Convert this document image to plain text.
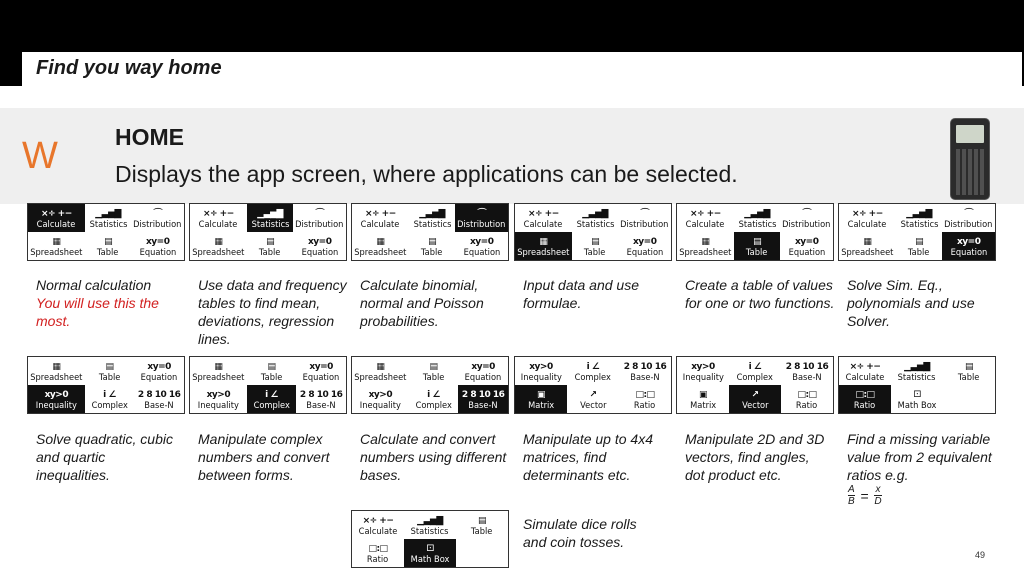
Find you way home	CASIO	®
W HOME
Displays the app screen, where applications can be selected.
×÷ +−
Calculate
▁▃▅▇
Statistics
⌒
Distribution
▦
Spreadsheet
▤
Table
xy=0
Equation
×÷ +−
Calculate
▁▃▅▇
Statistics
⌒
Distribution
▦
Spreadsheet
▤
Table
xy=0
Equation
×÷ +−
Calculate
▁▃▅▇
Statistics
⌒
Distribution
▦
Spreadsheet
▤
Table
xy=0
Equation
×÷ +−
Calculate
▁▃▅▇
Statistics
⌒
Distribution
▦
Spreadsheet
▤
Table
xy=0
Equation
×÷ +−
Calculate
▁▃▅▇
Statistics
⌒
Distribution
▦
Spreadsheet
▤
Table
xy=0
Equation
×÷ +−
Calculate
▁▃▅▇
Statistics
⌒
Distribution
▦
Spreadsheet
▤
Table
xy=0
Equation
▦
Spreadsheet
▤
Table
xy=0
Equation
xy>0
Inequality
i ∠
Complex
2 8 10 16
Base-N
▦
Spreadsheet
▤
Table
xy=0
Equation
xy>0
Inequality
i ∠
Complex
2 8 10 16
Base-N
▦
Spreadsheet
▤
Table
xy=0
Equation
xy>0
Inequality
i ∠
Complex
2 8 10 16
Base-N
xy>0
Inequality
i ∠
Complex
2 8 10 16
Base-N
▣
Matrix
↗
Vector
□:□
Ratio
xy>0
Inequality
i ∠
Complex
2 8 10 16
Base-N
▣
Matrix
↗
Vector
□:□
Ratio
×÷ +−
Calculate
▁▃▅▇
Statistics
▤
Table
□:□
Ratio
⚀
Math Box
×÷ +−
Calculate
▁▃▅▇
Statistics
▤
Table
□:□
Ratio
⚀
Math Box
Normal calculation
You will use this the most.
Use data and frequency tables to find mean, deviations, regression lines.
Calculate binomial, normal and Poisson probabilities.
Input data and use formulae.
Create a table of values for one or two functions.
Solve Sim. Eq., polynomials and use Solver.
Solve quadratic, cubic and quartic inequalities.
Manipulate complex numbers and convert between forms.
Calculate and convert numbers using different bases.
Manipulate up to 4x4 matrices, find determinants etc.
Manipulate 2D and 3D vectors, find angles, dot product etc.
Find a missing variable value from 2 equivalent ratios e.g.
$\frac{A}{B} = \frac{x}{D}$
Simulate dice rolls and coin tosses.
49
